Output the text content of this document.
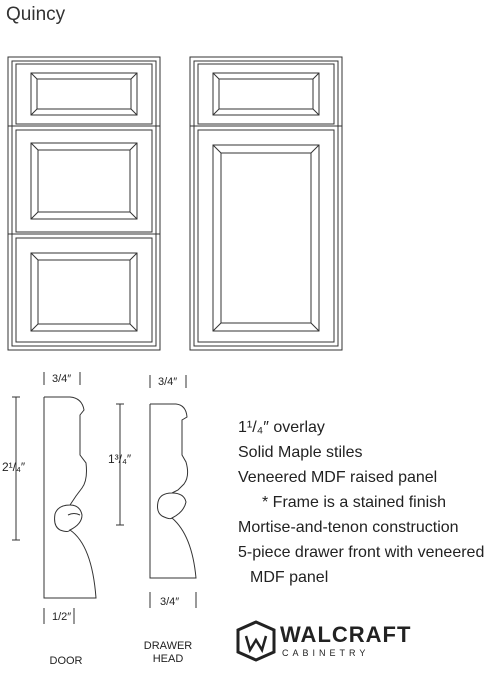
Quincy
3/4″
2¹/₄″
1/2″
3/4″
1³/₄″
3/4″
DOOR
DRAWER
HEAD
1¹/₄″ overlay
Solid Maple stiles
Veneered MDF raised panel
* Frame is a stained finish
Mortise-and-tenon construction
5-piece drawer front with veneered
MDF panel
WALCRAFT
CABINETRY
